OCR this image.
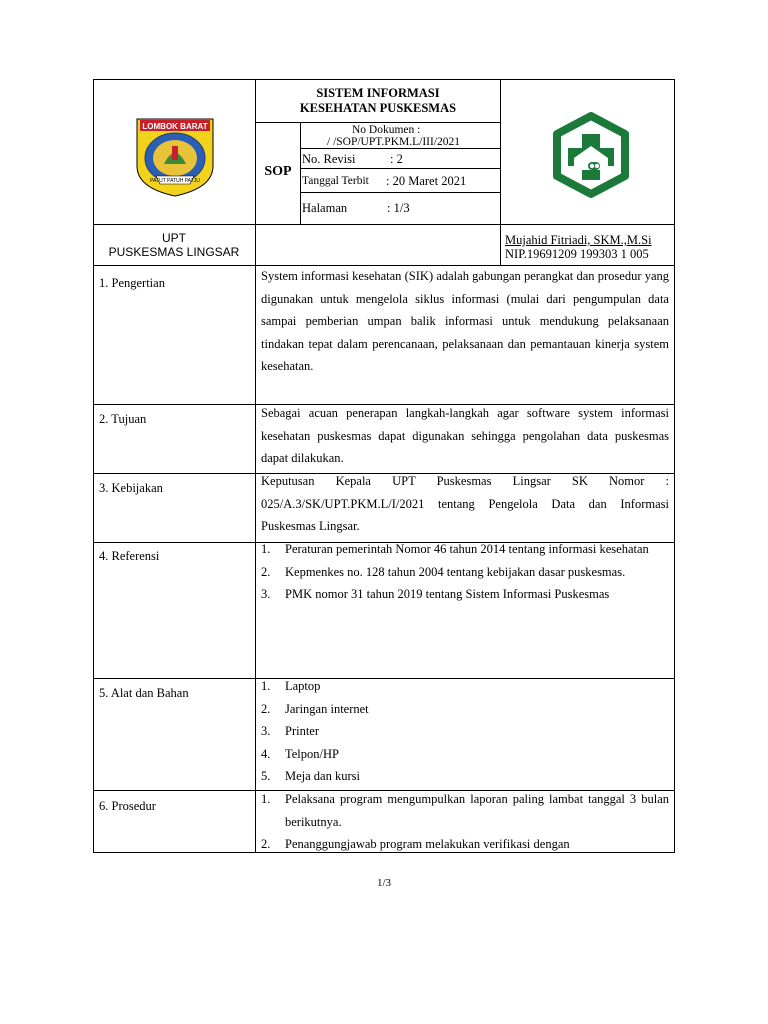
LOMBOK BARAT
PATUT PATUH PATJU
SISTEM INFORMASI
KESEHATAN PUSKESMAS
SOP
No Dokumen :
/ /SOP/UPT.PKM.L/III/2021
No. Revisi	: 2
Tanggal Terbit : 20 Maret 2021
Halaman	: 1/3
UPT
PUSKESMAS LINGSAR
Mujahid Fitriadi, SKM.,M.Si
NIP.19691209 199303 1 005
1. Pengertian	System informasi kesehatan (SIK) adalah gabungan perangkat dan prosedur yang digunakan untuk mengelola siklus informasi (mulai dari pengumpulan data sampai pemberian umpan balik informasi untuk mendukung pelaksanaan tindakan tepat dalam perencanaan, pelaksanaan dan pemantauan kinerja system kesehatan.
2. Tujuan	Sebagai acuan penerapan langkah-langkah agar software system informasi kesehatan puskesmas dapat digunakan sehingga pengolahan data puskesmas dapat dilakukan.
3. Kebijakan	Keputusan Kepala UPT Puskesmas Lingsar SK Nomor : 025/A.3/SK/UPT.PKM.L/I/2021 tentang Pengelola Data dan Informasi Puskesmas Lingsar.
4. Referensi	1. Peraturan pemerintah Nomor 46 tahun 2014 tentang informasi kesehatan
2. Kepmenkes no. 128 tahun 2004 tentang kebijakan dasar puskesmas.
3. PMK nomor 31 tahun 2019 tentang Sistem Informasi Puskesmas
5. Alat dan Bahan	1. Laptop
2. Jaringan internet
3. Printer
4. Telpon/HP
5. Meja dan kursi
6. Prosedur	1. Pelaksana program mengumpulkan laporan paling lambat tanggal 3 bulan berikutnya.
2. Penanggungjawab program melakukan verifikasi dengan
1/3
